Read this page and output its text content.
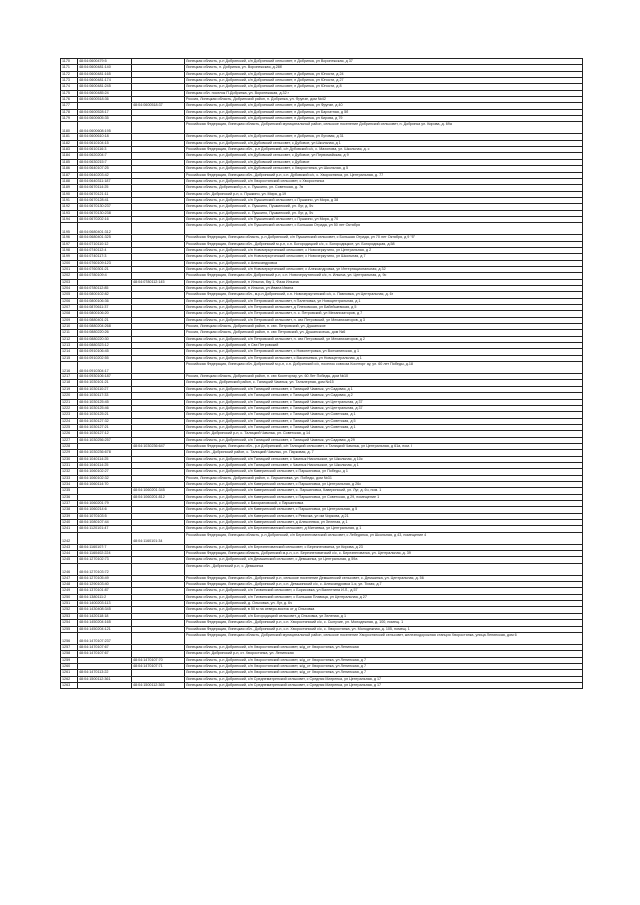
1170	48:04:0600479:5		Липецкая область, р-н Добринский, с/п Добринский сельсовет, п Добринка, ул Воронежская, д 37
1171	48:04:0600481:140		Липецкая область, п. Добринка, ул. Воронежская, д.28б
1172	48:04:0600481:165		Липецкая область, р-н Добринский, с/п Добринский сельсовет, п Добринка, ул Юности, д 24
1173	48:04:0600481:174		Липецкая область, р-н Добринский, с/п Добринский сельсовет, п Добринка, ул Юности, д 27
1174	48:04:0600481:245		Липецкая область, р-н Добринский, с/п Добринский сельсовет, п Добринка, ул Юности, д 8
1175	48:04:0600485:24		Липецкая обл. поселок П.Добринка, ул. Воронежская, д.32 г
1176	48:04:0600518:36		Россия, Липецкая область, Добринский район, п. Добринка, ул. Фрунзе, дом №42
1177		48:04:0600518:37	Липецкая область, р-н Добринский, с/п Добринский сельсовет, п Добринка, ул Фрунзе, д 40
1178	48:04:0600528:17		Липецкая область, р-н Добринский, с/п Добринский сельсовет, п Добринка, ул Бархатная, д 5б
1179	48:04:0600605:35		Липецкая область, р-н Добринский, с/п Добринский сельсовет, п Добринка, ул Кирова, д 79
1180	48:04:0600608:195		Российская Федерация, Липецкая область, Добринский муниципальный район, сельское поселение Добринский сельсовет, п. Добринка ул. Кирова, д. 69а
1181	48:04:0600610:18		Липецкая область, р-н Добринский, с/п Добринский сельсовет, п Добринка, ул Луговая, д 31
1182	48:04:0610104:15		Липецкая область, р-н Добринский, с/п Дубовский сельсовет, с Дубовое, ул Школьная, д 1
1183	48:04:0610116:3		Российская Федерация, Липецкая обл., р-н Добринский, с/п Дубовский с/с, с. Махонова, ул. Школьная, д. с
1184	48:04:0620204:7		Липецкая область, р-н Добринский, с/п Дубовский сельсовет, с Дубовое, ул Первомайская, д 9
1185	48:04:0630215:7		Липецкая область, р-н Добринский, с/п Дубовский сельсовет, с Дубовое
1186	48:04:0640107:25		Липецкая область, р-н Добринский, с/п Дубовский сельсовет, с Хворостянка, ул Школьная, д 5
1187	48:04:0640203:42		Российская Федерация, Липецкая обл., Добринский р-н, с.п. Дубовский с/с, с. Хворостянка, ул. Центральная, д. 77
1188	48:04:0640311:187		Липецкая область, р-н Добринский, с/п Хворостянский сельсовет, с Хворостянка
1189	48:04:0670114:25		Липецкая область, Добринский р-н, с. Пушкино, ул. Советская, д. 7в
1190	48:04:0670121:11		Липецкая обл. Добринский р-н, с. Пушкино, ул. Мира, д.19
1191	48:04:0670128:41		Липецкая область, р-н Добринский, с/п Пушкинский сельсовет, с Пушкино, ул Мира, д 38
1192	48:04:0670130:237		Липецкая область, р-н Добринский, с. Пушкино, Пушкинский, ул. Луг, д. 5ч
1193	48:04:0670130:238		Липецкая область, р-н Добринский, с. Пушкино, Пушкинский, ул. Луг, д. 5ч
1194	48:04:0670202:16		Липецкая область, р-н Добринский, с/п Пушкинский сельсовет, с Пушкино, ул Мира, д 70
1195	48:04:0680401:312		Липецкая область, р-н Добринский, с/п Пушкинский сельсовет, с Большая Отрада, ул 50 лет Октября
1196	48:04:0680401:325		Российская Федерация, Липецкая область, р-н Добринский, с/п Пушкинский сельсовет, с Большая Отрада, ул 70 лет Октября, д 9 "б"
1197	48:04:0710110:12		Российская Федерация, Липецкая обл., Добринский м.р-н, с.п. Богородицкий с/с, с. Богородицкое, ул. Богородицкая, д.58
1198	48:04:0740112:4		Липецкая область, р-н Добринский, с/п Новочеркутинский сельсовет, с Новочеркутино, ул Центральная, д 2
1199	48:04:0740117:3		Липецкая область, р-н Добринский, с/п Новочеркутинский сельсовет, с Новочеркутино, ул Школьная, д 7
1200	48:04:0760109:123		Липецкая область, р-н Добринский, с Александровка
1201	48:04:0760301:21		Липецкая область, р-н Добринский, с/п Новочеркутинский сельсовет, с Александровка, ул Интернациональная, д 32
1202	48:04:0780109:4		Российская Федерация, Липецкая обл. Добринский р-н, с.п. Новочеркутинский с/с, п. Ильича, ул. Центральная, д. 9с
1203		48:04:0780112:145	Липецкая область, р-н Добринский, п Ильича, бзу 1, Фаза Ильича
1204	48:04:0780112:85		Липецкая область, р-н Добринский, п Ильича, ул Ивана Ивана
1205	48:04:0800102:82		Российская Федерация, Липецкая обл., м.р-н Добринский, с.п. Новочеркутинский с/с, с. Павловка, ул Центральная, д. 6г
1206	48:04:0800106:36		Липецкая область, р-н Добринский, с/п Петровский сельсовет, п Паленовка, ул Новоцентральная, д 1
1207	48:04:0870611:37		Липецкая область, р-н Добринский, с/п Петровский сельсовет, д Плеховская, ул Бабейшевская, д 5
1208	48:04:0800106:20		Липецкая область, р-н Добринский, с/п Петровский сельсовет, п. с. Петровский, ул Механизаторов, д 7
1209	48:04:0880401:21		Липецкая область, р-н Добринский, с/п Петровский сельсовет, п. свх Петровский, ул Механизаторов, д 3
1210	48:04:0880204:268		Россия, Липецкая область, Добринский район, п. свх. Петровский, ул. Душанское
1211	48:04:0880220:26		Россия, Липецкая область, Добринский район, п. свх Петровский, ул. Душанскоешь, дом №6
1212	48:04:0880220:30		Липецкая область, р-н Добринский, с/п Петровский сельсовет, п. свх Петровский, ул Механизаторов, д 2
1213	48:04:0880323:12		Липецкая область, р-н Добринский, п Свх Петровский
1214	48:04:0910106:45		Липецкая область, р-н Добринский, с/п Петровский сельсовет, с Новопетровка, ул Волчанинская, д 1
1215	48:04:0910202:55		Липецкая область, р-н Добринский, с/п Петровский сельсовет, с Васильевка, ул Новоцентральная, д 1
1216	48:04:0910304:17		Российская Федерация, Липецкая обл. Добринский м.р-н, с.п. Добринский с/с, поселок совхоза Коопторг ау, ул. 60 лет Победы, д.18
1217	48:04:0930106:187		Россия, Липецкая область, Добринский район, п. свх Коопторгау, ул. 60 Лет Победы, дом №10
1218	48:04:1030101:21		Липецкая область, Добринский район, с. Талицкий Чамлык, ул. Тальнерная, дом №15
1219	48:04:1030110:27		Липецкая область, р-н Добринский, с/п Талицкий сельсовет, с Талицкий Чамлык, ул Садовая, д 1
1220	48:04:1030117:33		Липецкая область, р-н Добринский, с/п Талицкий сельсовет, с Талицкий Чамлык, ул Садовая, д 2
1221	48:04:1030125:45		Липецкая область, р-н Добринский, с/п Талицкий сельсовет, с Талицкий Чамлык, ул Центральная, д 37
1222	48:04:1030125:46		Липецкая область, р-н Добринский, с/п Талицкий сельсовет, с Талицкий Чамлык, ул Центральная, д 37
1223	48:04:1030125:21		Липецкая область, р-н Добринский, с/п Талицкий сельсовет, с Талицкий Чамлык, ул Советская, д 1
1224	48:04:1030127:32		Липецкая область, р-н Добринский, с/п Талицкий сельсовет, с Талицкий Чамлык, ул Советская, д 5
1225	48:04:1030127:21		Липецкая область, р-н Добринский, с/п Талицкий сельсовет, с Талицкий Чамлык, ул Советская, д 1
1226	48:04:1030127:12		Липецкая обл. Добринский р-н, с. Талицкий Чамлык, ул. Советская, д 14
1227	48:04:1030256:257		Липецкая область, р-н Добринский, с/п Талицкий сельсовет, с Талицкий Чамлык, ул Садовая, д 29
1228		48:04:1030236:647	Российская Федерация, Липецкая обл., р-н Добринский, с/п Талицкий сельсовет, с Талицкий Чамлык, ул Центральная, д 61а, пом. I
1229	48:04:1030236:678		Липецкая обл., Добринский район, с. Талицкий Чамлык, ул. Парковая, д. 7
1230	48:04:1040114:25		Липецкая область, р-н Добринский, с/п Талицкий сельсовет, с Чамлык Никольское, ул Школьная, д 10с
1231	48:04:1040114:25		Липецкая область, р-н Добринский, с/п Талицкий сельсовет, с Чамлык Никольское, ул Школьная, д 1
1232	48:04:1060102:27		Липецкая область, р-н Добринский, с/п Каверинский сельсовет, с Паршиновка, ул Победы, д 1
1233	48:04:1060102:32		Россия, Липецкая область, Добринский район, с. Паршиновка, ул. Победы, дом №31
1234	48:04:1060114:70		Липецкая область, р-н Добринский, с/п Каверинский сельсовет, с Паршиновка, ул Центральная, д 26с
1235		48:04:1060201:345	Липецкая область, р-н Добринский, с/п Каверинский сельсовет, с. Паршиновка, Каверинский, ул. Луг, д. 6ч, пом. 1
1236		48:04:1060201:812	Липецкая область, р-н Добринский, с/п Каверинский сельсовет, с Паршиновка, ул Советская, д 29, помещение 1
1237	48:04:1060201:79		Липецкая область, р-н Добринский, с Бахорановский, с Паршиновка
1238	48:04:1060214:6		Липецкая область, р-н Добринский, с/п Каверинский сельсовет, с Паршиновка, ул Центральная, д 5
1239	48:04:1070103:5		Липецкая область, р-н Добринский, с/п Каверинский сельсовет, с Ревочка, ул им Чиркова, д 21
1240	48:04:1080107:44		Липецкая область, р-н Добринский, с/п Каверинский сельсовет, д Алексеевка, ул Зеленая, д 1
1241	48:04:1120101:47		Липецкая область, р-н Добринский, с/п Березнеговатский сельсовет, д Митяевка, ул Центральная, д 1
1242		48:04:1160101:34	Российская Федерация, Липецкая область, р-н Добринский, с/п Березнеговатский сельсовет, с Лебедянка, ул Школьная, д 43, помещение 4
1243	48:04:1160107:7		Липецкая область, р-н Добринский, с/п Березнеговатский сельсовет, с Березнеговатка, ул Кирова, д 23
1244	48:04:1160402:224		Российская Федерация, Липецкая область, Добринский м.р-н, с.п. Березнеговатский с/с, с. Березнеговатка, ул. Центральная, д. 39
1245	48:04:1270102:73		Липецкая область, р-н Добринский, с/п Демшинский сельсовет, с Демшинка, ул Центральная, д 59а
1246	48:04:1270103:72		Липецкая обл., Добринский р-н, с. Демшинка
1247	48:04:1270105:49		Российская Федерация, Липецкая обл., Добринский р-н, сельское поселение Демшинский сельсовет, с. Демшинка, ул. Центральная, д. 56
1248	48:04:1290103:40		Российская Федерация, Липецкая обл., Добринский р-н, с.п. Демшинский с/с, с. Александровка 1-я, ул. Тихая, д.7
1249	48:04:1370101:87		Липецкая область, р-н Добринский, с/п Тихвинский сельсовет, с Борисовка, ул Валентина И.Л., д.57
1250	48:04:1380111:2		Липецкая область, р-н Добринский, с/п Тихвинский сельсовет, с Большая Плавица, ул Центральная, д 27
1251	48:04:1400203:113		Липецкая область, р-н Добринский, д. Ольховка, ул. Луг, д. 6ч
1252	48:04:1430408:345		Липецкая область, р-н Добринский, в 50 м на северо-восток от д Ольховка
1253	48:04:1420118:18		Липецкая область, р-н Добринский, с/п Богородицкий сельсовет, д Ольховка, ул Зеленая, д 1
1254	48:04:1450204:165		Российская Федерация, Липецкая обл., Добринский р-н, с.п. Хворостянский с/с, с. Сыпучие, ул. Молодежная, д. 100, помещ. 1
1255	48:04:1450204:121		Российская Федерация, Липецкая обл., Добринский р-н, с.п. Хворостянский с/с, с. Хворостянка, ул. Молодежная, д. 105, помещ. 1
1256	48:04:1470107:237		Российская Федерация, Липецкая область, Добринский муниципальный район, сельское поселение Хворостянский сельсовет, железнодорожная станция Хворостянка, улица Ленинская, дом 6
1257	48:04:1470107:67		Липецкая область, р-н Добринский, с/п Хворостянский сельсовет, ж/д_ст Хворостянка, ул Ленинская
1258	48:04:1470107:67		Липецкая обл. Добринский р-н, ст. Хворостянка, ул. Ленинская
1259		48:04:1470107:70	Липецкая область, р-н Добринский, с/п Хворостянский сельсовет, ж/д_ст Хворостянка, ул Ленинская, д 7
1260		48:04:1470107:71	Липецкая область, р-н Добринский, с/п Хворостянский сельсовет, ж/д_ст Хворостянка, ул Ленинская, д 7
1261	48:04:1470113:22		Липецкая область, р-н Добринский, с/п Хворостянский сельсовет, ж/д_ст Хворостянка, ул Ленинская, д 7
1262	48:04:1500112:361		Липецкая область, р-н Добринский, с/п Среднематренский сельсовет, с Средняя Матренка, ул Центральная, д 17
1263		48:04:1500112:365	Липецкая область, р-н Добринский, с/п Среднематренский сельсовет, с Средняя Матренка, ул Центральная, д 17
